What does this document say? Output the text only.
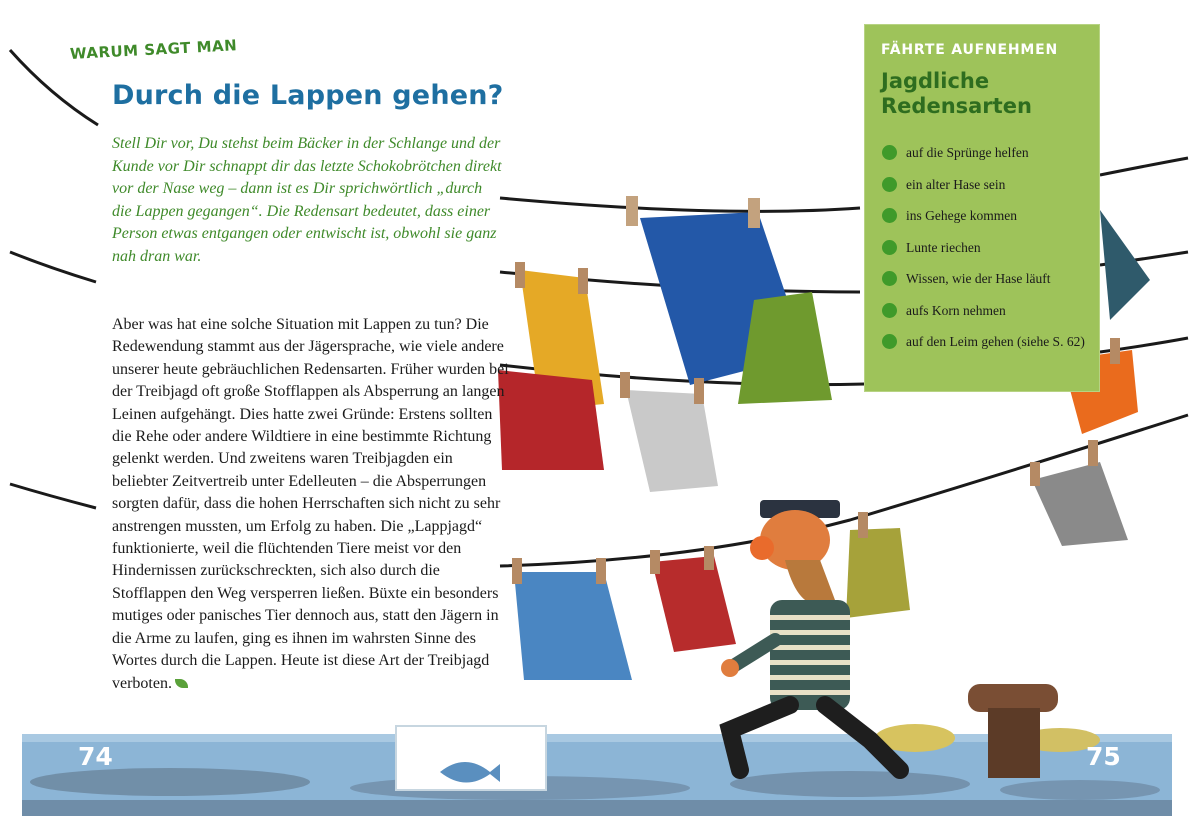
WARUM SAGT MAN
Durch die Lappen gehen?

Stell Dir vor, Du stehst beim Bäcker in der Schlange und der Kunde vor Dir schnappt dir das letzte Schokobrötchen direkt vor der Nase weg – dann ist es Dir sprichwörtlich „durch die Lappen gegangen“. Die Redensart bedeutet, dass einer Person etwas entgangen oder entwischt ist, obwohl sie ganz nah dran war.

Aber was hat eine solche Situation mit Lappen zu tun? Die Redewendung stammt aus der Jägersprache, wie viele andere unserer heute gebräuchlichen Redensarten. Früher wurden bei der Treibjagd oft große Stofflappen als Absperrung an langen Leinen aufgehängt. Dies hatte zwei Gründe: Erstens sollten die Rehe oder andere Wildtiere in eine bestimmte Richtung gelenkt werden. Und zweitens waren Treibjagden ein beliebter Zeitvertreib unter Edelleuten – die Absperrungen sorgten dafür, dass die hohen Herrschaften sich nicht zu sehr anstrengen mussten, um Erfolg zu haben. Die „Lappjagd“ funktionierte, weil die flüchtenden Tiere meist vor den Hindernissen zurückschreckten, sich also durch die Stofflappen den Weg versperren ließen. Büxte ein besonders mutiges oder panisches Tier dennoch aus, statt den Jägern in die Arme zu laufen, ging es ihnen im wahrsten Sinne des Wortes durch die Lappen. Heute ist diese Art der Treibjagd verboten.

FÄHRTE AUFNEHMEN
Jagdliche Redensarten
auf die Sprünge helfen
ein alter Hase sein
ins Gehege kommen
Lunte riechen
Wissen, wie der Hase läuft
aufs Korn nehmen
auf den Leim gehen (siehe S. 62)
74	75
